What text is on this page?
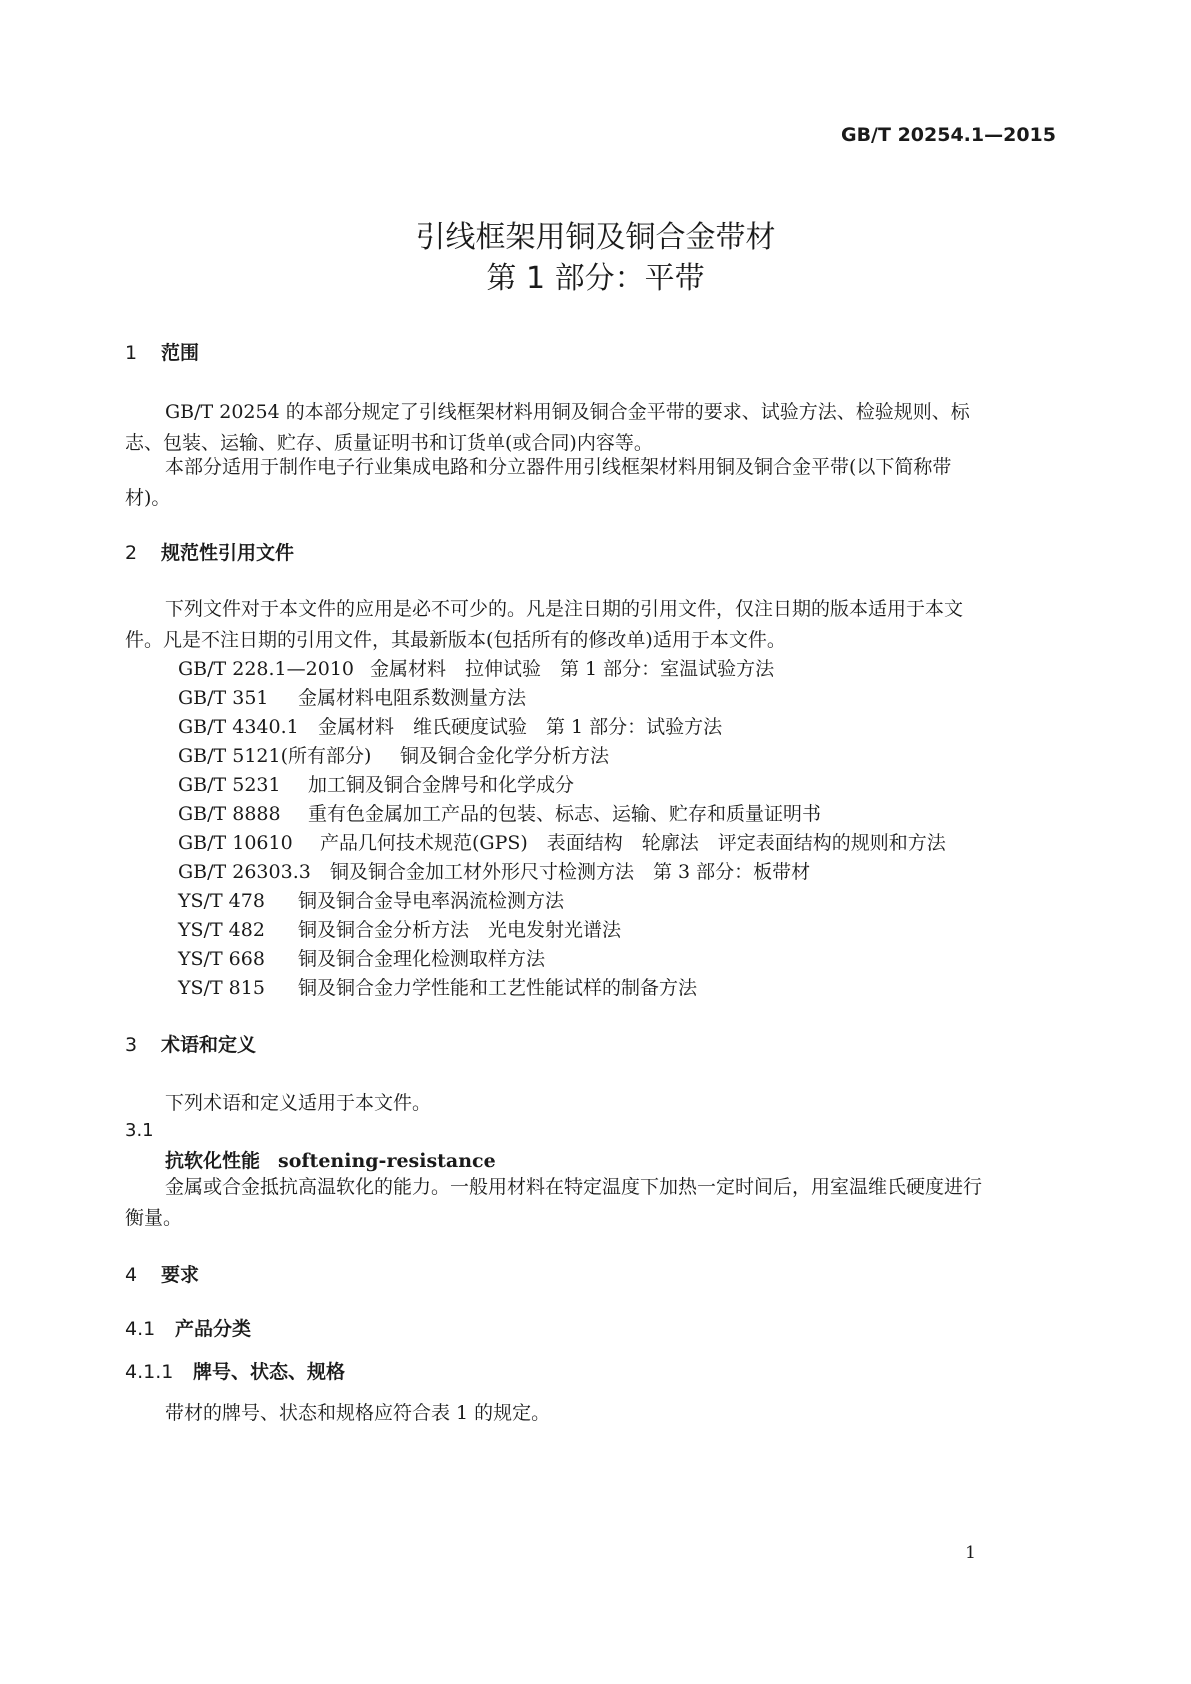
GB/T 20254.1—2015
引线框架用铜及铜合金带材
第 1 部分：平带
1 范围
GB/T 20254 的本部分规定了引线框架材料用铜及铜合金平带的要求、试验方法、检验规则、标志、包装、运输、贮存、质量证明书和订货单(或合同)内容等。
本部分适用于制作电子行业集成电路和分立器件用引线框架材料用铜及铜合金平带(以下简称带材)。
2 规范性引用文件
下列文件对于本文件的应用是必不可少的。凡是注日期的引用文件，仅注日期的版本适用于本文件。凡是不注日期的引用文件，其最新版本(包括所有的修改单)适用于本文件。
GB/T 228.1—2010 金属材料　拉伸试验　第 1 部分：室温试验方法
GB/T 351 金属材料电阻系数测量方法
GB/T 4340.1 金属材料　维氏硬度试验　第 1 部分：试验方法
GB/T 5121(所有部分) 铜及铜合金化学分析方法
GB/T 5231 加工铜及铜合金牌号和化学成分
GB/T 8888 重有色金属加工产品的包装、标志、运输、贮存和质量证明书
GB/T 10610 产品几何技术规范(GPS)　表面结构　轮廓法　评定表面结构的规则和方法
GB/T 26303.3 铜及铜合金加工材外形尺寸检测方法　第 3 部分：板带材
YS/T 478 铜及铜合金导电率涡流检测方法
YS/T 482 铜及铜合金分析方法　光电发射光谱法
YS/T 668 铜及铜合金理化检测取样方法
YS/T 815 铜及铜合金力学性能和工艺性能试样的制备方法
3 术语和定义
下列术语和定义适用于本文件。
3.1
抗软化性能 softening-resistance
金属或合金抵抗高温软化的能力。一般用材料在特定温度下加热一定时间后，用室温维氏硬度进行衡量。
4 要求
4.1 产品分类
4.1.1 牌号、状态、规格
带材的牌号、状态和规格应符合表 1 的规定。
1
